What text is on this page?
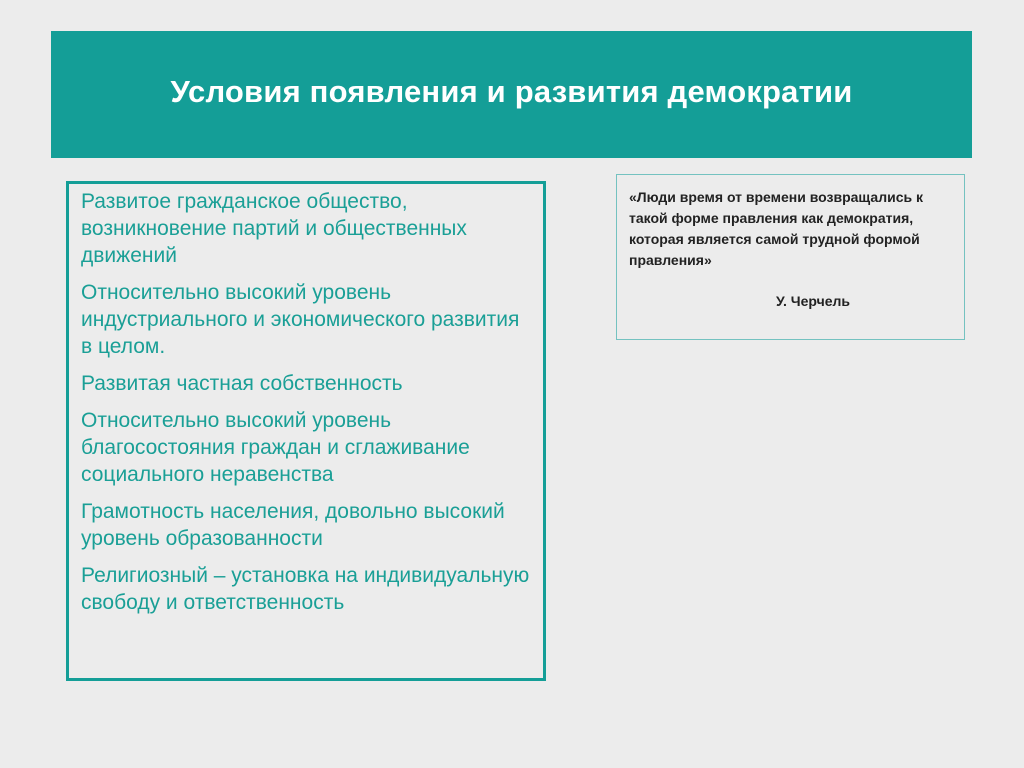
Условия появления и развития демократии
Развитое гражданское общество, возникновение партий и общественных движений
Относительно высокий уровень индустриального и экономического развития в целом.
Развитая частная собственность
Относительно высокий уровень благосостояния граждан и сглаживание социального неравенства
Грамотность населения, довольно высокий уровень образованности
Религиозный – установка на индивидуальную свободу и ответственность

«Люди время от времени возвращались к такой форме правления как демократия, которая является самой трудной формой правления»

У. Черчель
